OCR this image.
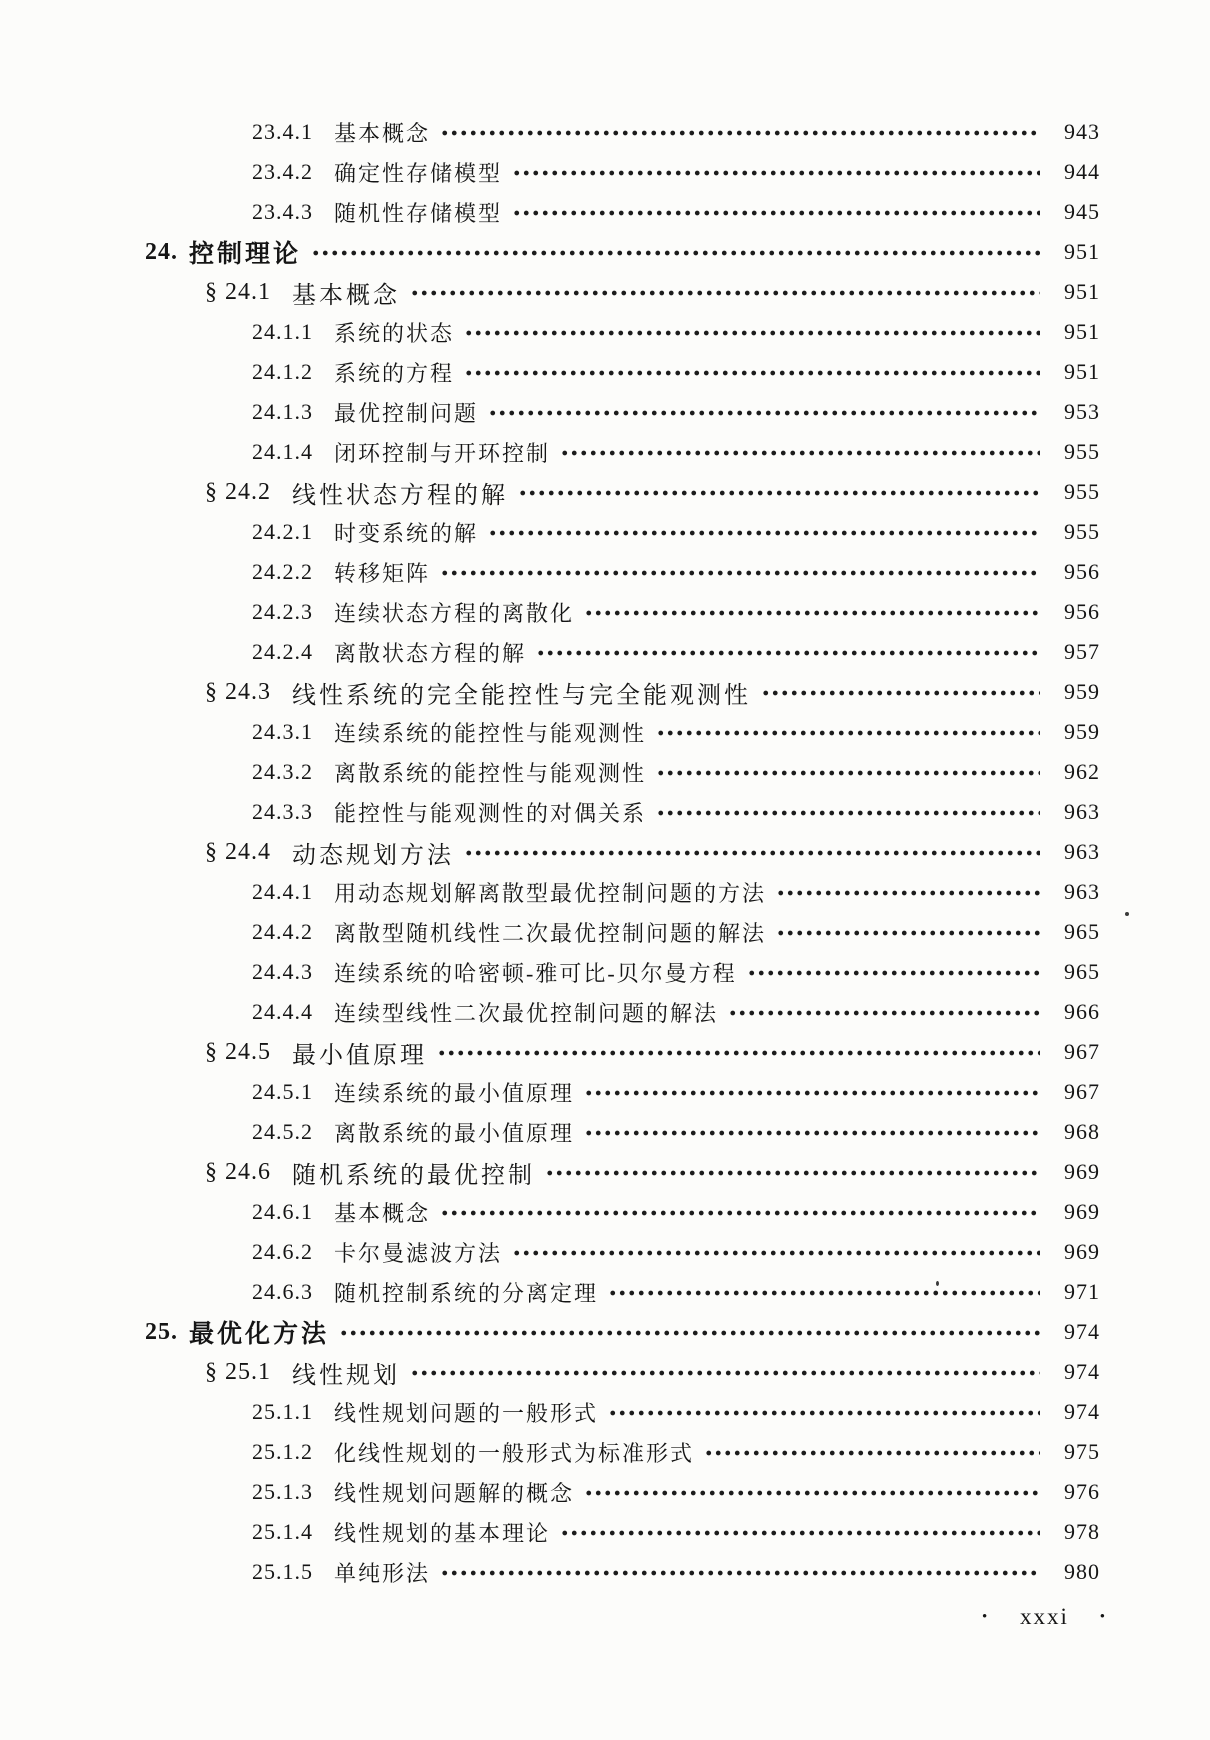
23.4.1 基本概念	943
23.4.2 确定性存储模型	944
23.4.3 随机性存储模型	945
24. 控制理论	951
§ 24.1 基本概念	951
24.1.1 系统的状态	951
24.1.2 系统的方程	951
24.1.3 最优控制问题	953
24.1.4 闭环控制与开环控制	955
§ 24.2 线性状态方程的解	955
24.2.1 时变系统的解	955
24.2.2 转移矩阵	956
24.2.3 连续状态方程的离散化	956
24.2.4 离散状态方程的解	957
§ 24.3 线性系统的完全能控性与完全能观测性	959
24.3.1 连续系统的能控性与能观测性	959
24.3.2 离散系统的能控性与能观测性	962
24.3.3 能控性与能观测性的对偶关系	963
§ 24.4 动态规划方法	963
24.4.1 用动态规划解离散型最优控制问题的方法	963
24.4.2 离散型随机线性二次最优控制问题的解法	965
24.4.3 连续系统的哈密顿-雅可比-贝尔曼方程	965
24.4.4 连续型线性二次最优控制问题的解法	966
§ 24.5 最小值原理	967
24.5.1 连续系统的最小值原理	967
24.5.2 离散系统的最小值原理	968
§ 24.6 随机系统的最优控制	969
24.6.1 基本概念	969
24.6.2 卡尔曼滤波方法	969
24.6.3 随机控制系统的分离定理	971
25. 最优化方法	974
§ 25.1 线性规划	974
25.1.1 线性规划问题的一般形式	974
25.1.2 化线性规划的一般形式为标准形式	975
25.1.3 线性规划问题解的概念	976
25.1.4 线性规划的基本理论	978
25.1.5 单纯形法	980
• xxxi •
